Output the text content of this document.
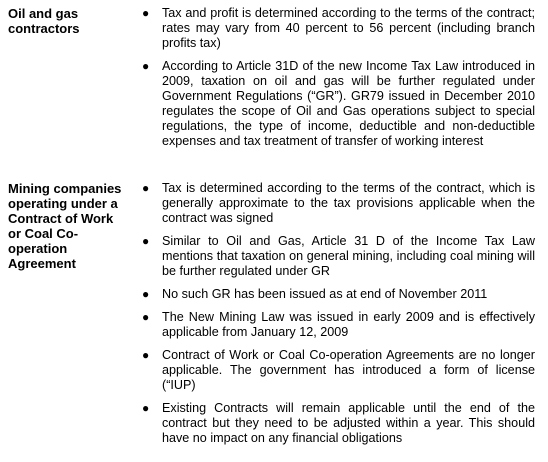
Oil and gas contractors
● Tax and profit is determined according to the terms of the contract; rates may vary from 40 percent to 56 percent (including branch profits tax)
● According to Article 31D of the new Income Tax Law introduced in 2009, taxation on oil and gas will be further regulated under Government Regulations (“GR”). GR79 issued in December 2010 regulates the scope of Oil and Gas operations subject to special regulations, the type of income, deductible and non-deductible expenses and tax treatment of transfer of working interest
Mining companies operating under a Contract of Work or Coal Co-operation Agreement
● Tax is determined according to the terms of the contract, which is generally approximate to the tax provisions applicable when the contract was signed
● Similar to Oil and Gas, Article 31 D of the Income Tax Law mentions that taxation on general mining, including coal mining will be further regulated under GR
● No such GR has been issued as at end of November 2011
● The New Mining Law was issued in early 2009 and is effectively applicable from January 12, 2009
● Contract of Work or Coal Co-operation Agreements are no longer applicable. The government has introduced a form of license (“IUP)
● Existing Contracts will remain applicable until the end of the contract but they need to be adjusted within a year. This should have no impact on any financial obligations
